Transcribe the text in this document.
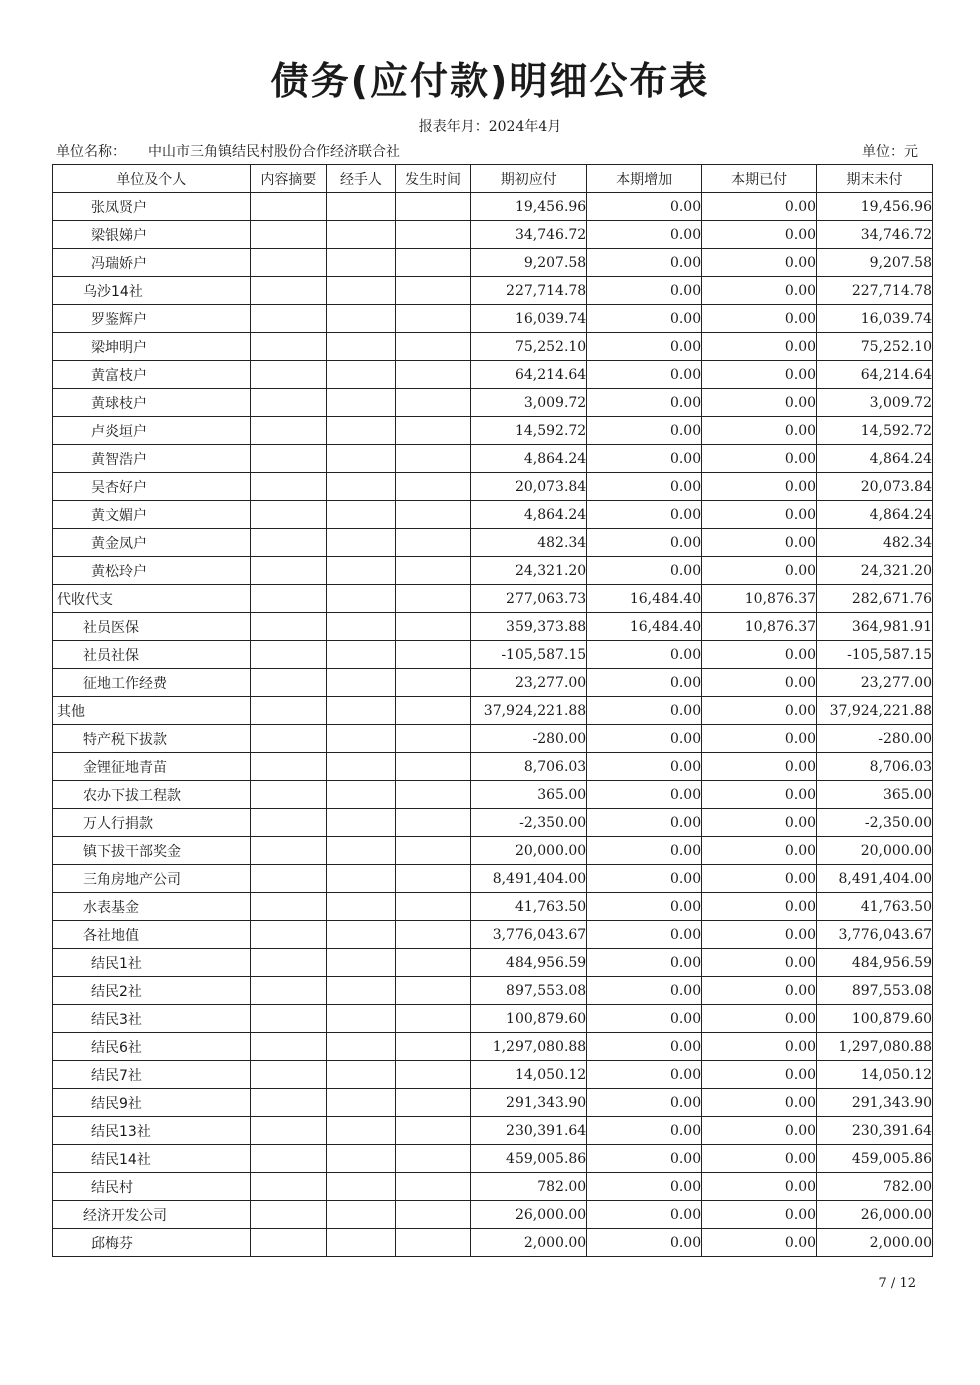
债务(应付款)明细公布表
报表年月：2024年4月
单位名称： 中山市三角镇结民村股份合作经济联合社	单位：元
单位及个人	内容摘要	经手人	发生时间	期初应付	本期增加	本期已付	期末未付
张凤贤户				19,456.96	0.00	0.00	19,456.96
梁银娣户				34,746.72	0.00	0.00	34,746.72
冯瑞娇户				9,207.58	0.00	0.00	9,207.58
乌沙14社				227,714.78	0.00	0.00	227,714.78
罗鉴辉户				16,039.74	0.00	0.00	16,039.74
梁坤明户				75,252.10	0.00	0.00	75,252.10
黄富枝户				64,214.64	0.00	0.00	64,214.64
黄球枝户				3,009.72	0.00	0.00	3,009.72
卢炎垣户				14,592.72	0.00	0.00	14,592.72
黄智浩户				4,864.24	0.00	0.00	4,864.24
吴杏好户				20,073.84	0.00	0.00	20,073.84
黄文媚户				4,864.24	0.00	0.00	4,864.24
黄金凤户				482.34	0.00	0.00	482.34
黄松玲户				24,321.20	0.00	0.00	24,321.20
代收代支				277,063.73	16,484.40	10,876.37	282,671.76
社员医保				359,373.88	16,484.40	10,876.37	364,981.91
社员社保				-105,587.15	0.00	0.00	-105,587.15
征地工作经费				23,277.00	0.00	0.00	23,277.00
其他				37,924,221.88	0.00	0.00	37,924,221.88
特产税下拔款				-280.00	0.00	0.00	-280.00
金锂征地青苗				8,706.03	0.00	0.00	8,706.03
农办下拔工程款				365.00	0.00	0.00	365.00
万人行捐款				-2,350.00	0.00	0.00	-2,350.00
镇下拔干部奖金				20,000.00	0.00	0.00	20,000.00
三角房地产公司				8,491,404.00	0.00	0.00	8,491,404.00
水表基金				41,763.50	0.00	0.00	41,763.50
各社地值				3,776,043.67	0.00	0.00	3,776,043.67
结民1社				484,956.59	0.00	0.00	484,956.59
结民2社				897,553.08	0.00	0.00	897,553.08
结民3社				100,879.60	0.00	0.00	100,879.60
结民6社				1,297,080.88	0.00	0.00	1,297,080.88
结民7社				14,050.12	0.00	0.00	14,050.12
结民9社				291,343.90	0.00	0.00	291,343.90
结民13社				230,391.64	0.00	0.00	230,391.64
结民14社				459,005.86	0.00	0.00	459,005.86
结民村				782.00	0.00	0.00	782.00
经济开发公司				26,000.00	0.00	0.00	26,000.00
邱梅芬				2,000.00	0.00	0.00	2,000.00
7 / 12
